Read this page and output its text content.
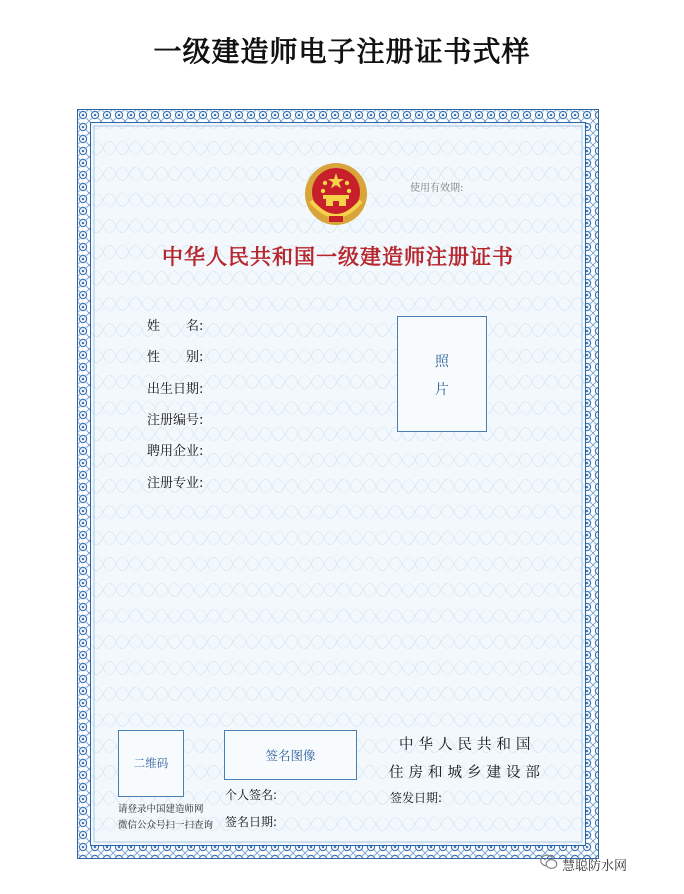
一级建造师电子注册证书式样
使用有效期:
中华人民共和国一级建造师注册证书
姓　　名:
性　　别:
出生日期:
注册编号:
聘用企业:
注册专业:
照
片
二维码
请登录中国建造师网
微信公众号扫一扫查询
签名图像
个人签名:
签名日期:
中华人民共和国
住房和城乡建设部
签发日期:
慧聪防水网
